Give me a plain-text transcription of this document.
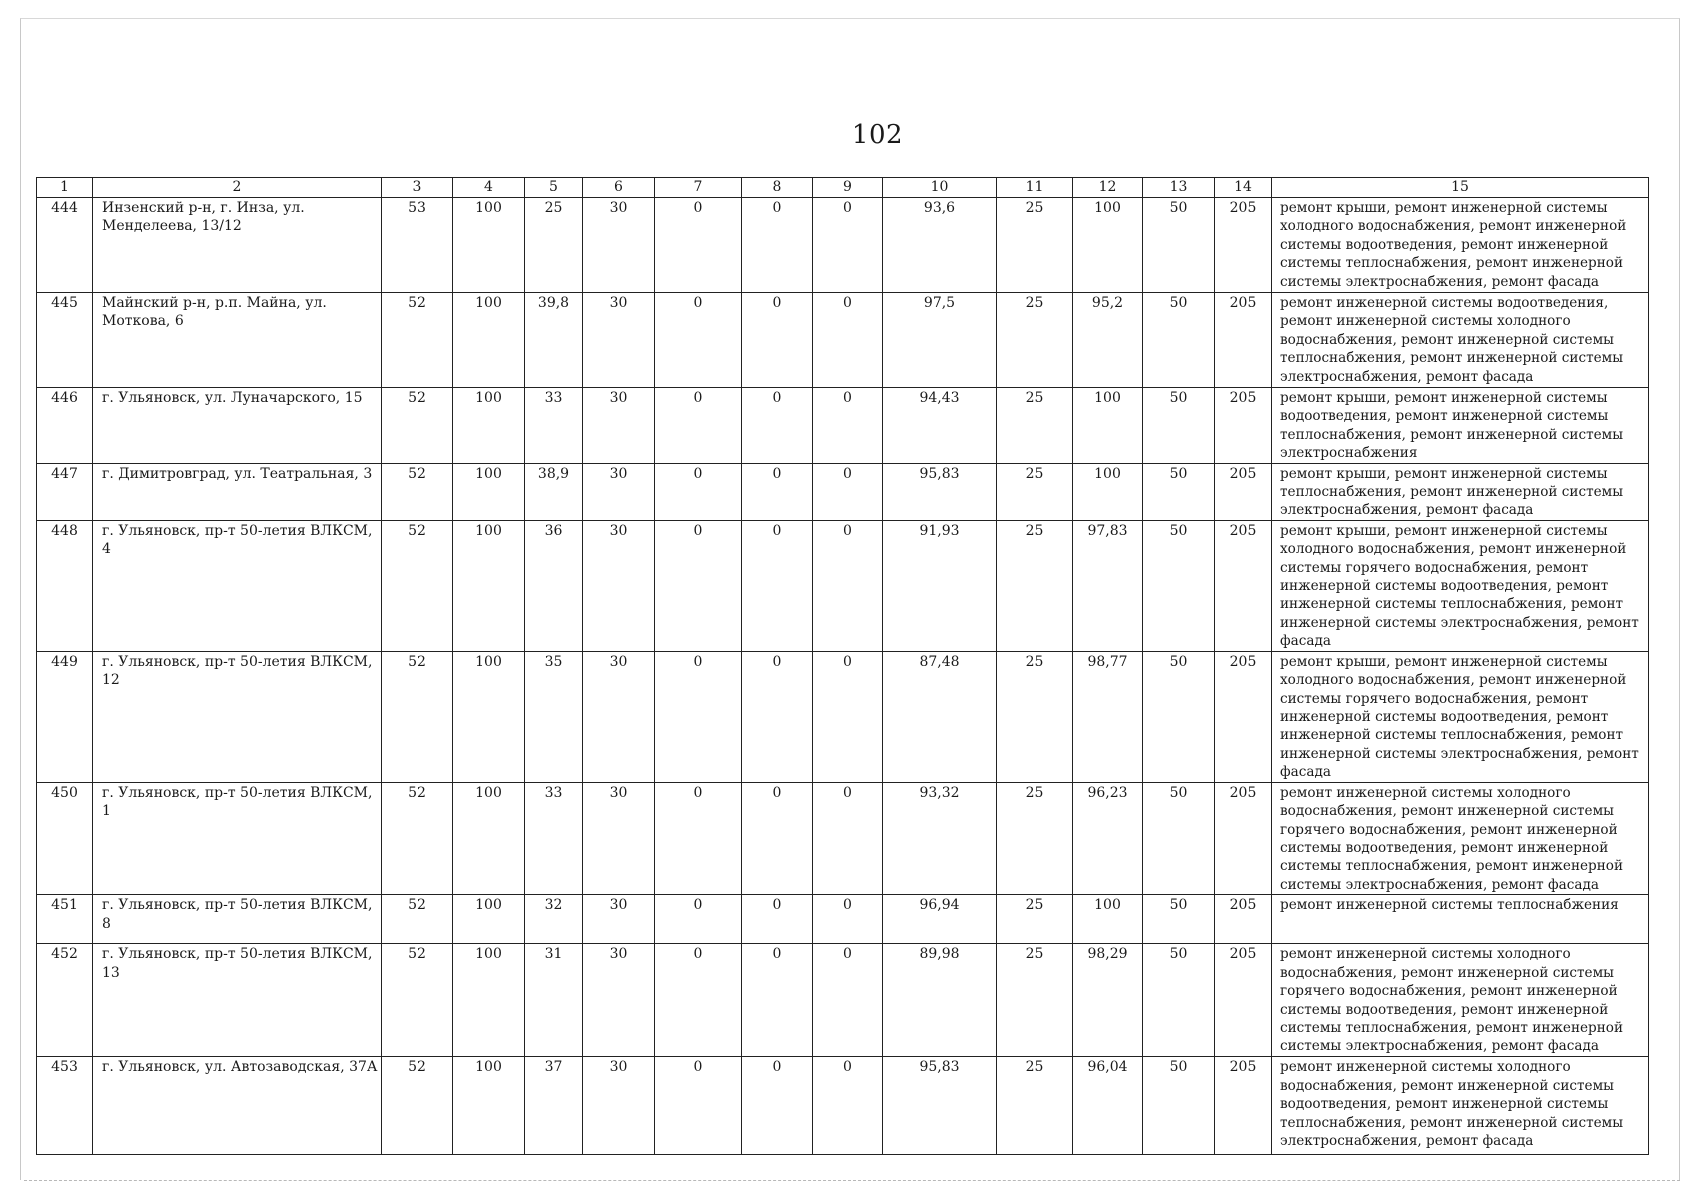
102
1	2	3	4	5	6	7	8	9	10	11	12	13	14	15
444	Инзенский р-н, г. Инза, ул. Менделеева, 13/12	53	100	25	30	0	0	0	93,6	25	100	50	205	ремонт крыши, ремонт инженерной системы холодного водоснабжения, ремонт инженерной системы водоотведения, ремонт инженерной системы теплоснабжения, ремонт инженерной системы электроснабжения, ремонт фасада
445	Майнский р-н, р.п. Майна, ул. Моткова, 6	52	100	39,8	30	0	0	0	97,5	25	95,2	50	205	ремонт инженерной системы водоотведения, ремонт инженерной системы холодного водоснабжения, ремонт инженерной системы теплоснабжения, ремонт инженерной системы электроснабжения, ремонт фасада
446	г. Ульяновск, ул. Луначарского, 15	52	100	33	30	0	0	0	94,43	25	100	50	205	ремонт крыши, ремонт инженерной системы водоотведения, ремонт инженерной системы теплоснабжения, ремонт инженерной системы электроснабжения
447	г. Димитровград, ул. Театральная, 3	52	100	38,9	30	0	0	0	95,83	25	100	50	205	ремонт крыши, ремонт инженерной системы теплоснабжения, ремонт инженерной системы электроснабжения, ремонт фасада
448	г. Ульяновск, пр-т 50-летия ВЛКСМ, 4	52	100	36	30	0	0	0	91,93	25	97,83	50	205	ремонт крыши, ремонт инженерной системы холодного водоснабжения, ремонт инженерной системы горячего водоснабжения, ремонт инженерной системы водоотведения, ремонт инженерной системы теплоснабжения, ремонт инженерной системы электроснабжения, ремонт фасада
449	г. Ульяновск, пр-т 50-летия ВЛКСМ, 12	52	100	35	30	0	0	0	87,48	25	98,77	50	205	ремонт крыши, ремонт инженерной системы холодного водоснабжения, ремонт инженерной системы горячего водоснабжения, ремонт инженерной системы водоотведения, ремонт инженерной системы теплоснабжения, ремонт инженерной системы электроснабжения, ремонт фасада
450	г. Ульяновск, пр-т 50-летия ВЛКСМ, 1	52	100	33	30	0	0	0	93,32	25	96,23	50	205	ремонт инженерной системы холодного водоснабжения, ремонт инженерной системы горячего водоснабжения, ремонт инженерной системы водоотведения, ремонт инженерной системы теплоснабжения, ремонт инженерной системы электроснабжения, ремонт фасада
451	г. Ульяновск, пр-т 50-летия ВЛКСМ, 8	52	100	32	30	0	0	0	96,94	25	100	50	205	ремонт инженерной системы теплоснабжения
452	г. Ульяновск, пр-т 50-летия ВЛКСМ, 13	52	100	31	30	0	0	0	89,98	25	98,29	50	205	ремонт инженерной системы холодного водоснабжения, ремонт инженерной системы горячего водоснабжения, ремонт инженерной системы водоотведения, ремонт инженерной системы теплоснабжения, ремонт инженерной системы электроснабжения, ремонт фасада
453	г. Ульяновск, ул. Автозаводская, 37А	52	100	37	30	0	0	0	95,83	25	96,04	50	205	ремонт инженерной системы холодного водоснабжения, ремонт инженерной системы водоотведения, ремонт инженерной системы теплоснабжения, ремонт инженерной системы электроснабжения, ремонт фасада
